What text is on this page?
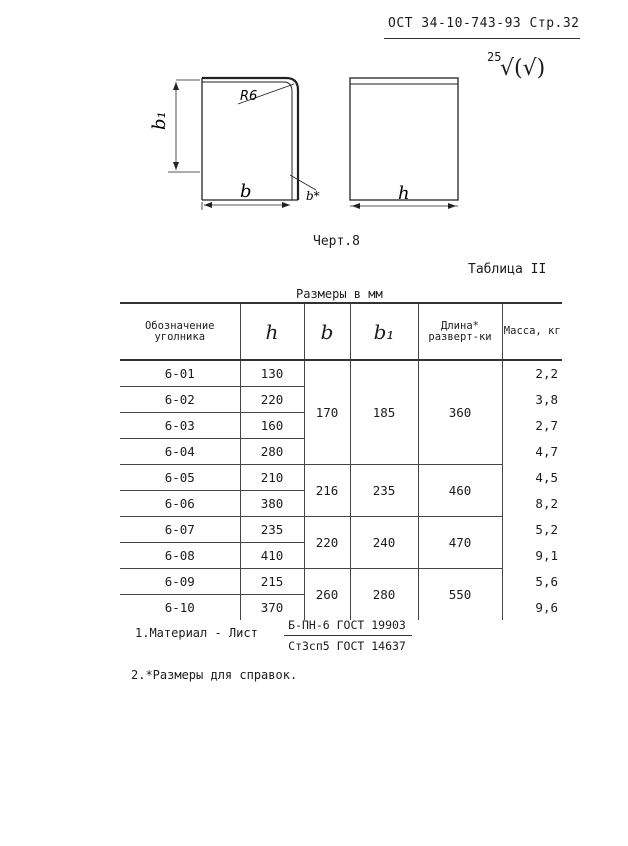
ОСТ 34-10-743-93 Стр.32
25
√(√)
R6
b₁
b	b*	h
Черт.8
Таблица II
Размеры в мм
Обозначение уголника	h	b	b₁	Длина* разверт-ки	Масса, кг
6-01	130	170	185	360	2,2
6-02	220				3,8
6-03	160				2,7
6-04	280				4,7
6-05	210	216	235	460	4,5
6-06	380				8,2
6-07	235	220	240	470	5,2
6-08	410				9,1
6-09	215	260	280	550	5,6
6-10	370				9,6
1.Материал - Лист
Б-ПН-6 ГОСТ 19903
Ст3сп5 ГОСТ 14637
2.*Размеры для справок.
